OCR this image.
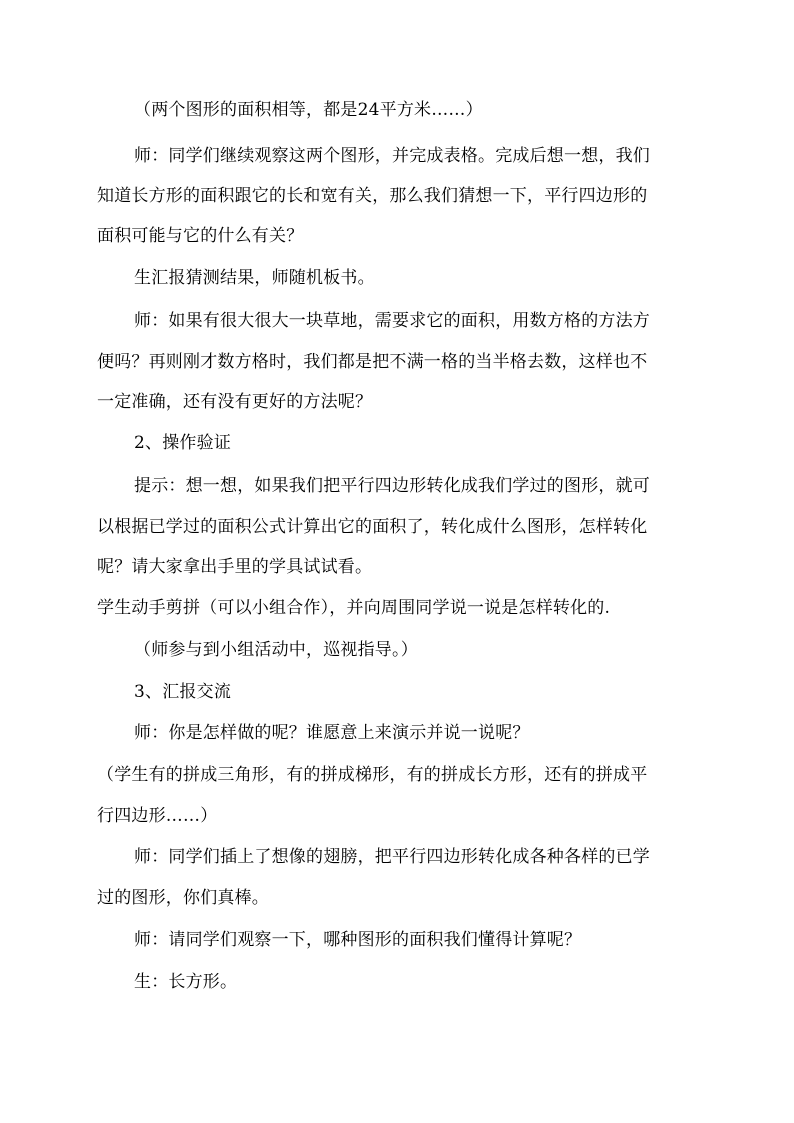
（两个图形的面积相等，都是24平方米……）
师：同学们继续观察这两个图形，并完成表格。完成后想一想，我们
知道长方形的面积跟它的长和宽有关，那么我们猜想一下，平行四边形的
面积可能与它的什么有关？
生汇报猜测结果，师随机板书。
师：如果有很大很大一块草地，需要求它的面积，用数方格的方法方
便吗？再则刚才数方格时，我们都是把不满一格的当半格去数，这样也不
一定准确，还有没有更好的方法呢？
2、操作验证
提示：想一想，如果我们把平行四边形转化成我们学过的图形，就可
以根据已学过的面积公式计算出它的面积了，转化成什么图形，怎样转化
呢？请大家拿出手里的学具试试看。
学生动手剪拼（可以小组合作），并向周围同学说一说是怎样转化的.
（师参与到小组活动中，巡视指导。）
3、汇报交流
师：你是怎样做的呢？谁愿意上来演示并说一说呢？
（学生有的拼成三角形，有的拼成梯形，有的拼成长方形，还有的拼成平
行四边形……）
师：同学们插上了想像的翅膀，把平行四边形转化成各种各样的已学
过的图形，你们真棒。
师：请同学们观察一下，哪种图形的面积我们懂得计算呢？
生：长方形。
